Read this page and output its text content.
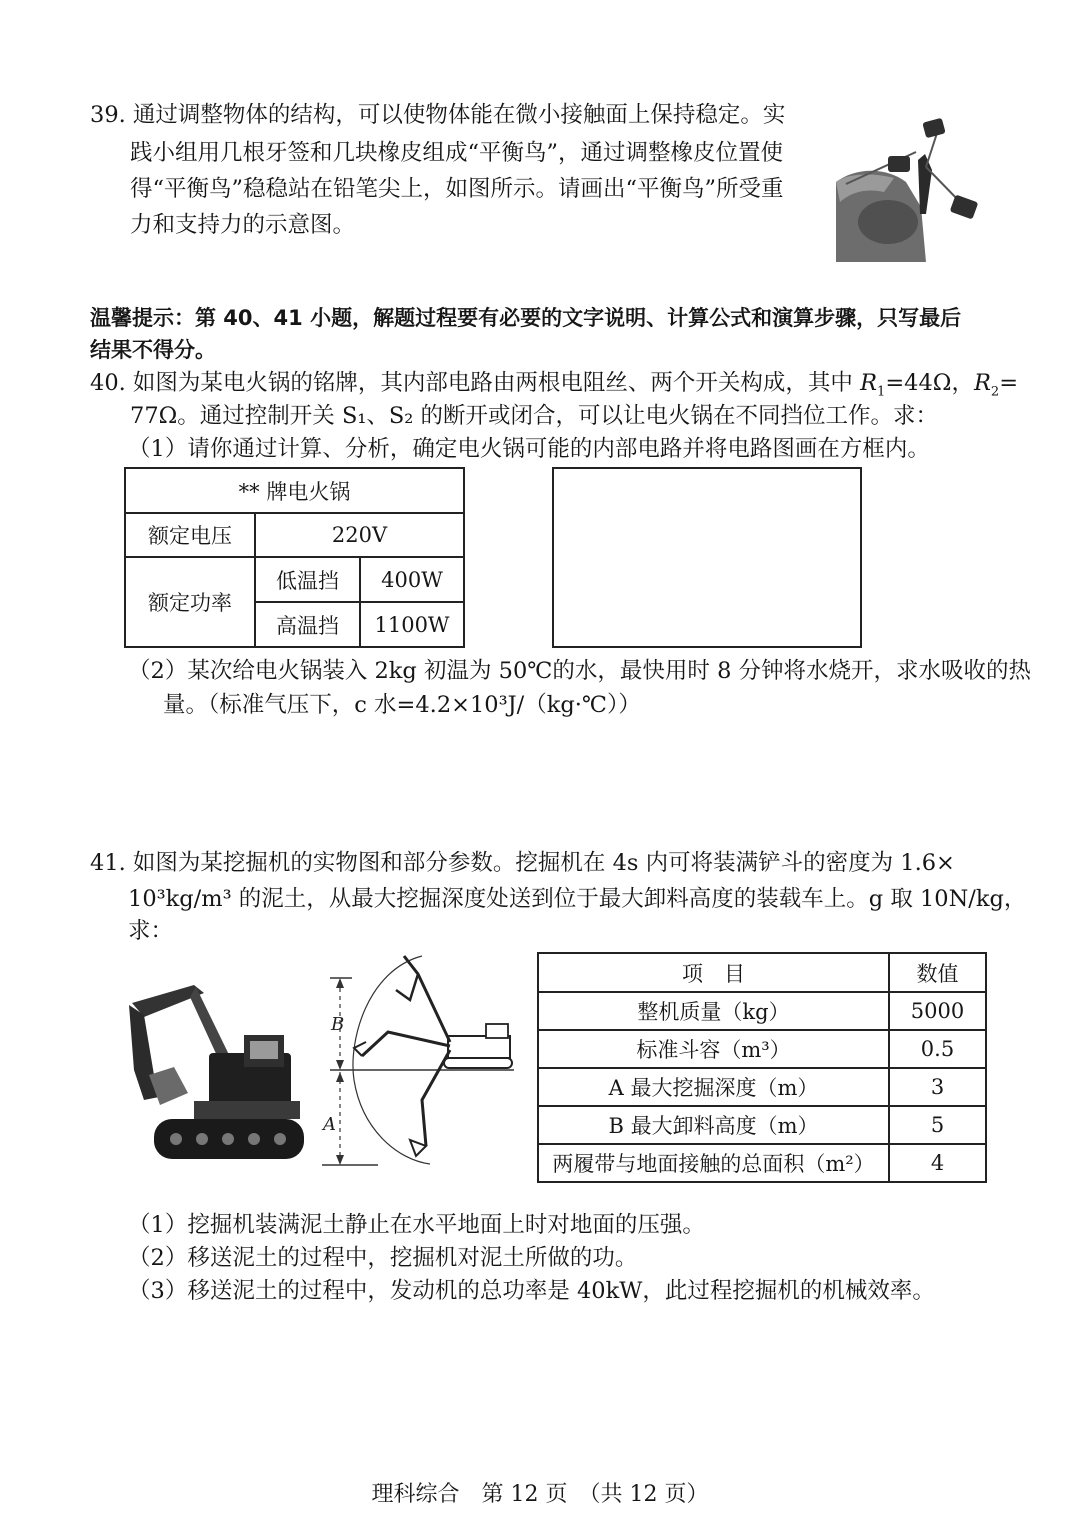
39. 通过调整物体的结构，可以使物体能在微小接触面上保持稳定。实
践小组用几根牙签和几块橡皮组成“平衡鸟”，通过调整橡皮位置使
得“平衡鸟”稳稳站在铅笔尖上，如图所示。请画出“平衡鸟”所受重
力和支持力的示意图。
温馨提示：第 40、41 小题，解题过程要有必要的文字说明、计算公式和演算步骤，只写最后
结果不得分。
40. 如图为某电火锅的铭牌，其内部电路由两根电阻丝、两个开关构成，其中 $R_1=44\Omega$，$R_2=$
77Ω。通过控制开关 S₁、S₂ 的断开或闭合，可以让电火锅在不同挡位工作。求：
（1）请你通过计算、分析，确定电火锅可能的内部电路并将电路图画在方框内。
** 牌电火锅		
额定电压	220V	
额定功率	低温挡	400W
	高温挡	1100W
（2）某次给电火锅装入 2kg 初温为 50℃的水，最快用时 8 分钟将水烧开，求水吸收的热
量。（标准气压下，c 水=4.2×10³J/（kg·℃））
41. 如图为某挖掘机的实物图和部分参数。挖掘机在 4s 内可将装满铲斗的密度为 1.6×
10³kg/m³ 的泥土，从最大挖掘深度处送到位于最大卸料高度的装载车上。g 取 10N/kg，
求：
B
A
项　目	数值
整机质量（kg）	5000
标准斗容（m³）	0.5
A 最大挖掘深度（m）	3
B 最大卸料高度（m）	5
两履带与地面接触的总面积（m²）	4
（1）挖掘机装满泥土静止在水平地面上时对地面的压强。
（2）移送泥土的过程中，挖掘机对泥土所做的功。
（3）移送泥土的过程中，发动机的总功率是 40kW，此过程挖掘机的机械效率。
理科综合　第 12 页　（共 12 页）
